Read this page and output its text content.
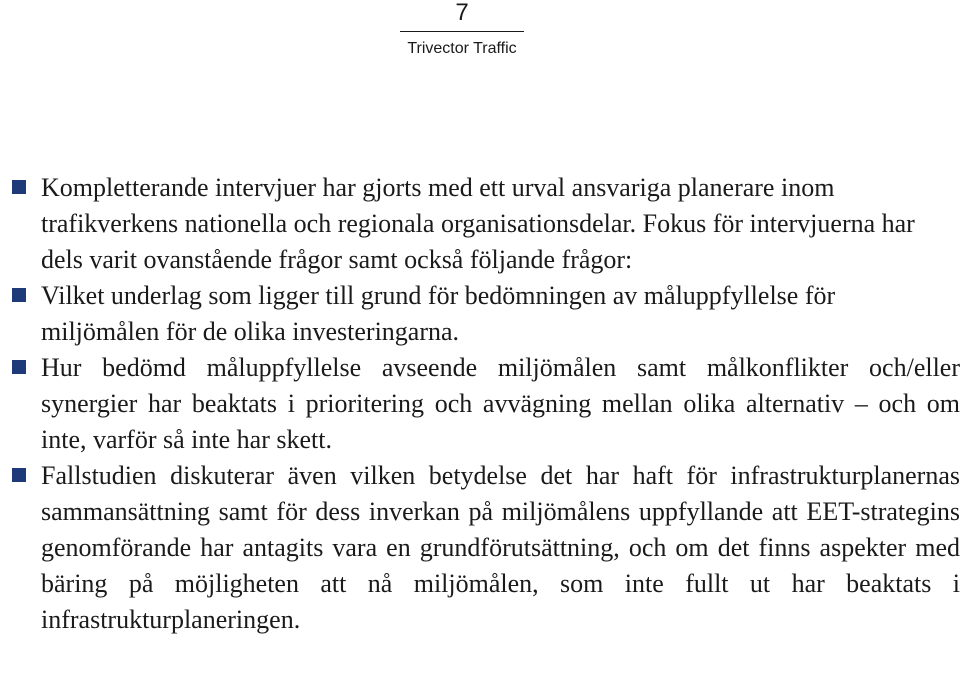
7
Trivector Traffic
Kompletterande intervjuer har gjorts med ett urval ansvariga planerare inom trafikverkens nationella och regionala organisationsdelar. Fokus för intervjuerna har dels varit ovanstående frågor samt också följande frågor:
Vilket underlag som ligger till grund för bedömningen av måluppfyllelse för miljömålen för de olika investeringarna.
Hur bedömd måluppfyllelse avseende miljömålen samt målkonflikter och/eller synergier har beaktats i prioritering och avvägning mellan olika alternativ – och om inte, varför så inte har skett.
Fallstudien diskuterar även vilken betydelse det har haft för infrastrukturplanernas sammansättning samt för dess inverkan på miljömålens uppfyllande att EET-strategins genomförande har antagits vara en grundförutsättning, och om det finns aspekter med bäring på möjligheten att nå miljömålen, som inte fullt ut har beaktats i infrastrukturplaneringen.
